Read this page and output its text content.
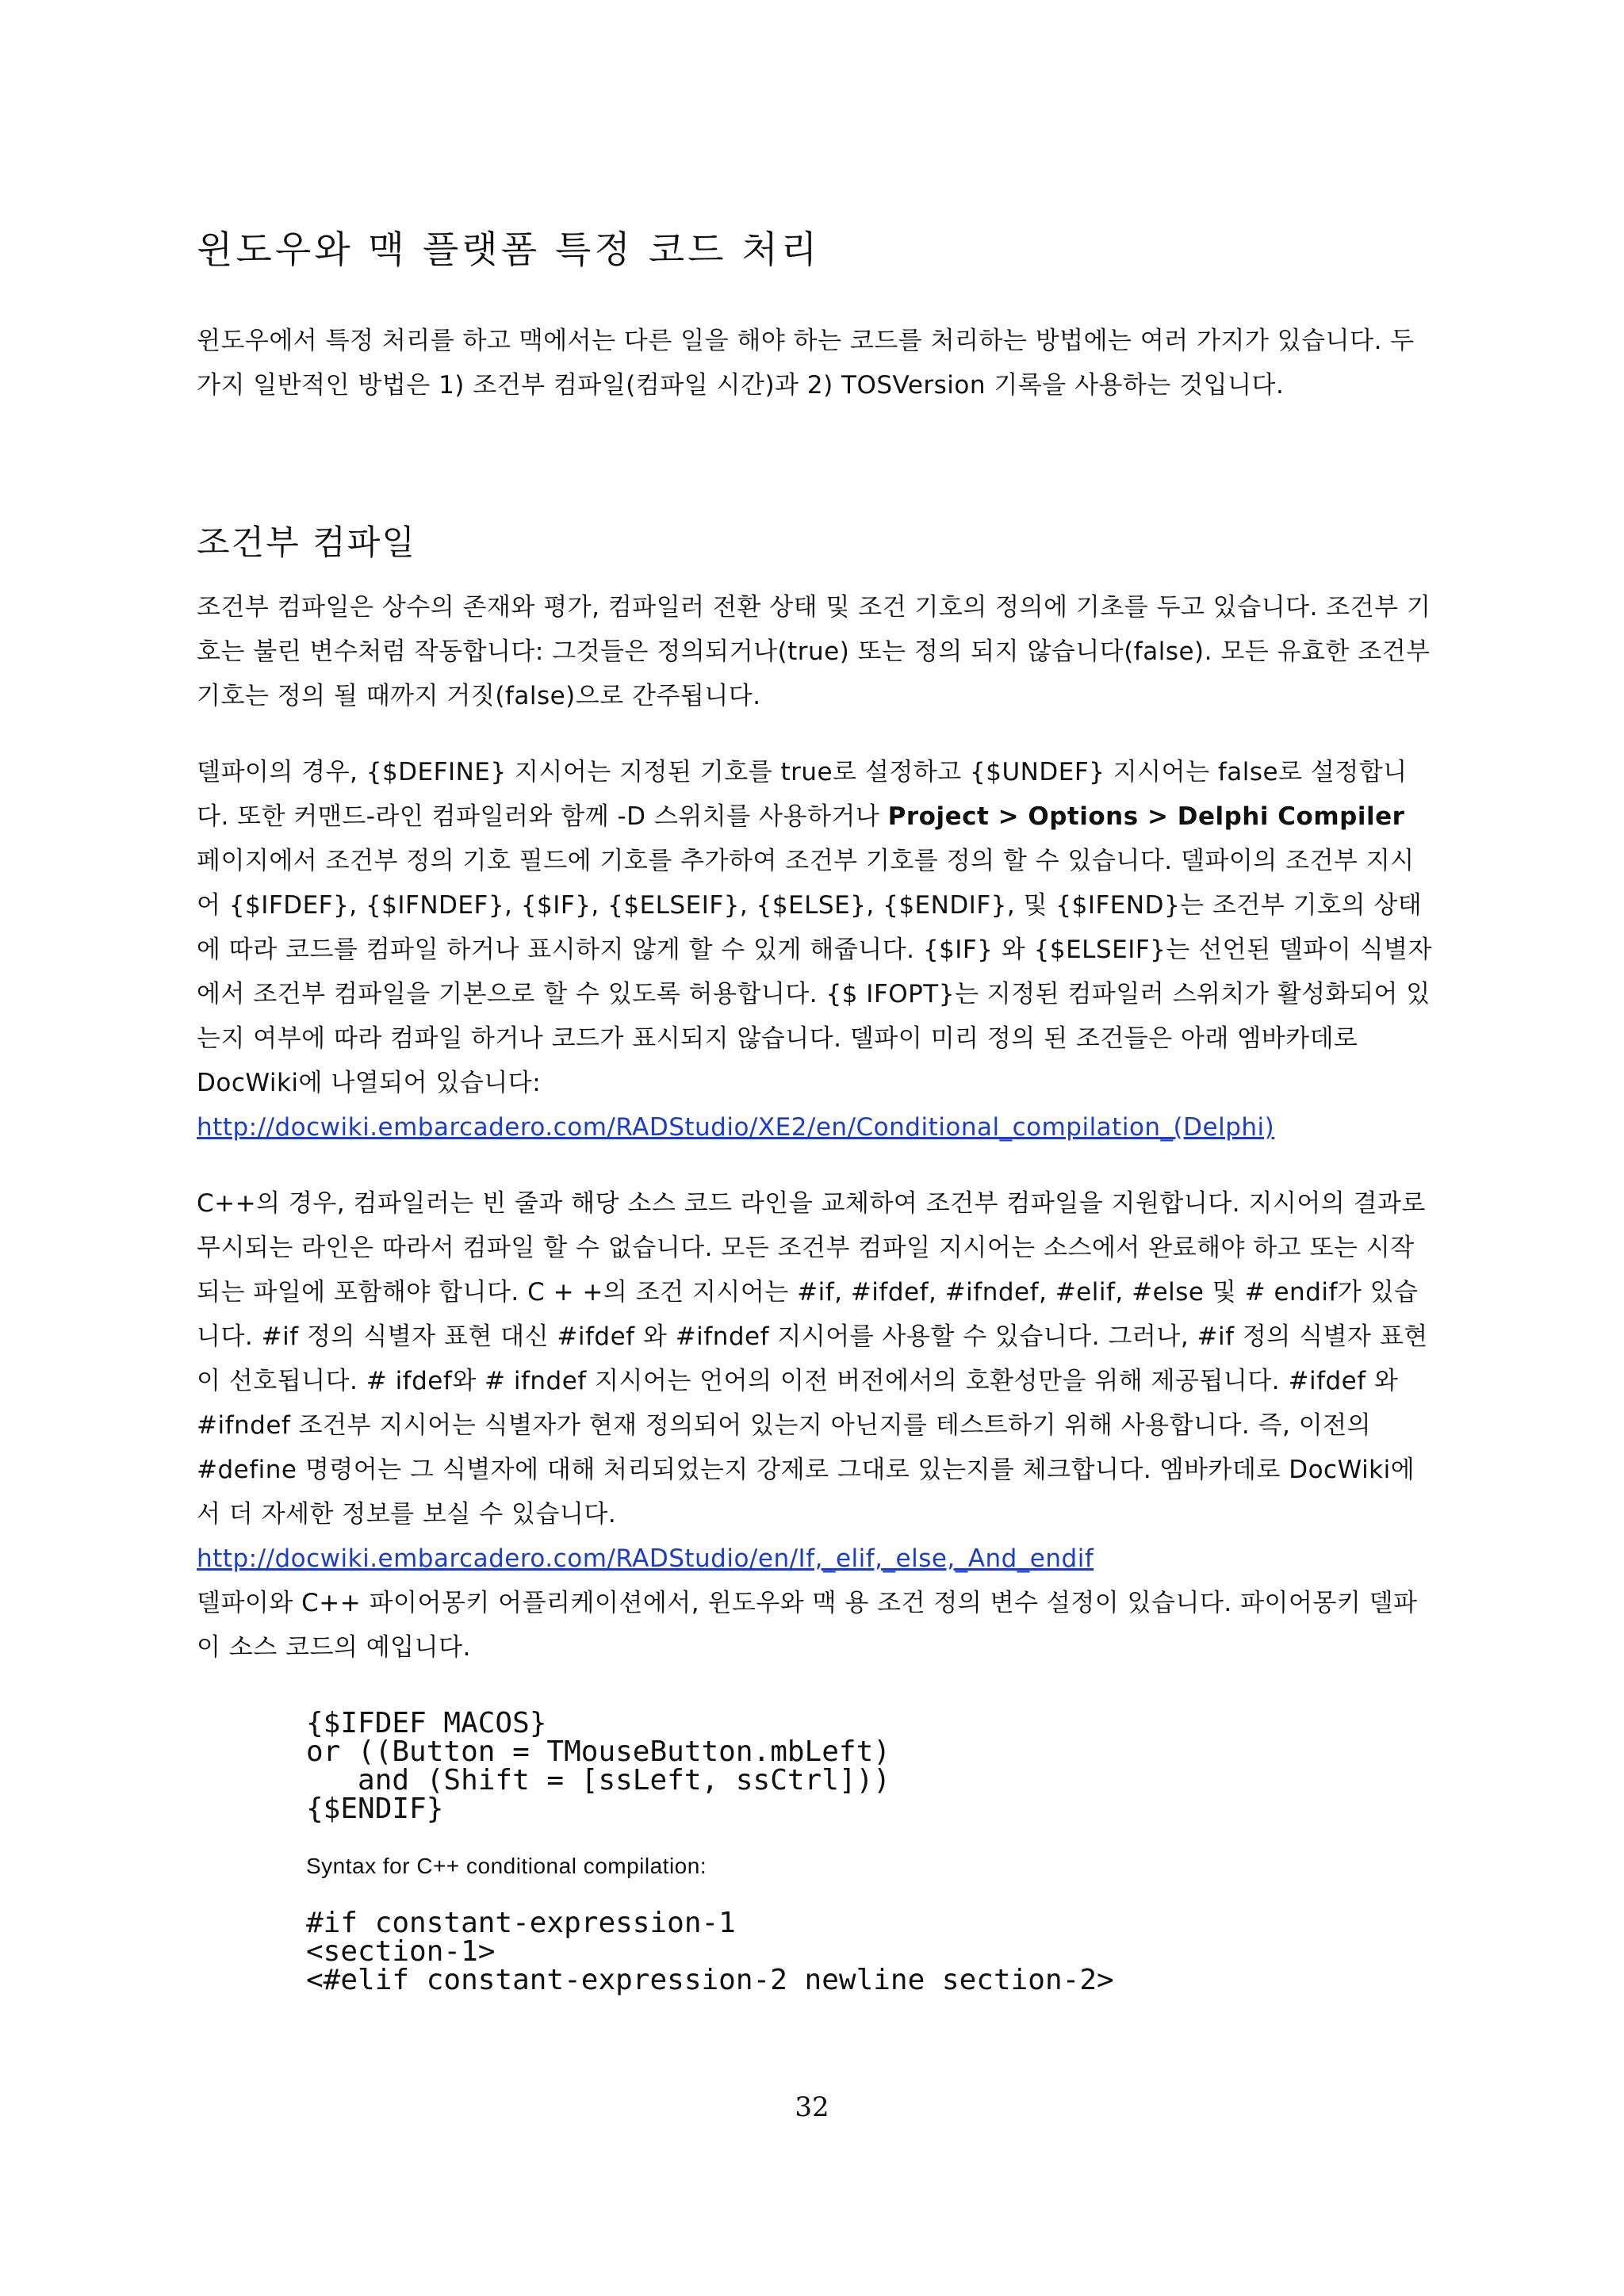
윈도우와 맥 플랫폼 특정 코드 처리

윈도우에서 특정 처리를 하고 맥에서는 다른 일을 해야 하는 코드를 처리하는 방법에는 여러 가지가 있습니다. 두 가지 일반적인 방법은 1) 조건부 컴파일(컴파일 시간)과 2) TOSVersion 기록을 사용하는 것입니다.

조건부 컴파일

조건부 컴파일은 상수의 존재와 평가, 컴파일러 전환 상태 및 조건 기호의 정의에 기초를 두고 있습니다. 조건부 기호는 불린 변수처럼 작동합니다: 그것들은 정의되거나(true) 또는 정의 되지 않습니다(false). 모든 유효한 조건부 기호는 정의 될 때까지 거짓(false)으로 간주됩니다.

델파이의 경우, {$DEFINE} 지시어는 지정된 기호를 true로 설정하고 {$UNDEF} 지시어는 false로 설정합니다. 또한 커맨드-라인 컴파일러와 함께 -D 스위치를 사용하거나 Project > Options > Delphi Compiler 페이지에서 조건부 정의 기호 필드에 기호를 추가하여 조건부 기호를 정의 할 수 있습니다. 델파이의 조건부 지시어 {$IFDEF}, {$IFNDEF}, {$IF}, {$ELSEIF}, {$ELSE}, {$ENDIF}, 및 {$IFEND}는 조건부 기호의 상태에 따라 코드를 컴파일 하거나 표시하지 않게 할 수 있게 해줍니다. {$IF} 와 {$ELSEIF}는 선언된 델파이 식별자에서 조건부 컴파일을 기본으로 할 수 있도록 허용합니다. {$ IFOPT}는 지정된 컴파일러 스위치가 활성화되어 있는지 여부에 따라 컴파일 하거나 코드가 표시되지 않습니다. 델파이 미리 정의 된 조건들은 아래 엠바카데로 DocWiki에 나열되어 있습니다: http://docwiki.embarcadero.com/RADStudio/XE2/en/Conditional_compilation_(Delphi)

C++의 경우, 컴파일러는 빈 줄과 해당 소스 코드 라인을 교체하여 조건부 컴파일을 지원합니다. 지시어의 결과로 무시되는 라인은 따라서 컴파일 할 수 없습니다. 모든 조건부 컴파일 지시어는 소스에서 완료해야 하고 또는 시작되는 파일에 포함해야 합니다. C + +의 조건 지시어는 #if, #ifdef, #ifndef, #elif, #else 및 # endif가 있습니다. #if 정의 식별자 표현 대신 #ifdef 와 #ifndef 지시어를 사용할 수 있습니다. 그러나, #if 정의 식별자 표현이 선호됩니다. # ifdef와 # ifndef 지시어는 언어의 이전 버전에서의 호환성만을 위해 제공됩니다. #ifdef 와 #ifndef 조건부 지시어는 식별자가 현재 정의되어 있는지 아닌지를 테스트하기 위해 사용합니다. 즉, 이전의 #define 명령어는 그 식별자에 대해 처리되었는지 강제로 그대로 있는지를 체크합니다. 엠바카데로 DocWiki에서 더 자세한 정보를 보실 수 있습니다. http://docwiki.embarcadero.com/RADStudio/en/If,_elif,_else,_And_endif

델파이와 C++ 파이어몽키 어플리케이션에서, 윈도우와 맥 용 조건 정의 변수 설정이 있습니다. 파이어몽키 델파이 소스 코드의 예입니다.

{$IFDEF MACOS}
or ((Button = TMouseButton.mbLeft)
and (Shift = [ssLeft, ssCtrl]))
{$ENDIF}

Syntax for C++ conditional compilation:

#if constant-expression-1
<section-1>
<#elif constant-expression-2 newline section-2>
32
